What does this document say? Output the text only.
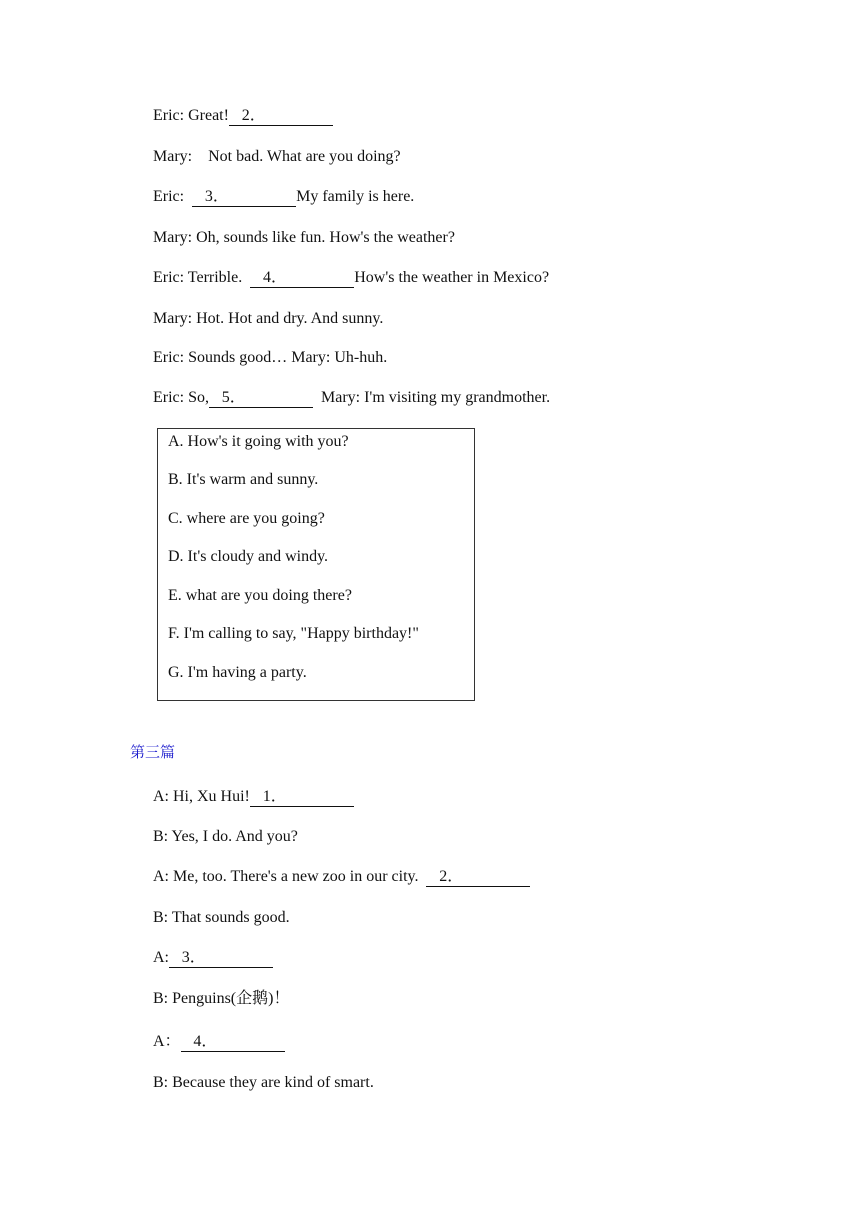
Eric: Great! 2．
Mary:    Not bad. What are you doing?
Eric:  3．	My family is here.
Mary: Oh, sounds like fun. How's the weather?
Eric: Terrible.  4．	How's the weather in Mexico?
Mary: Hot. Hot and dry. And sunny.
Eric: Sounds good… Mary: Uh-huh.
Eric: So, 5．	Mary: I'm visiting my grandmother.
A. How's it going with you?
B. It's warm and sunny.
C. where are you going?
D. It's cloudy and windy.
E. what are you doing there?
F. I'm calling to say, "Happy birthday!"
G. I'm having a party.
第三篇
A: Hi, Xu Hui! 1．
B: Yes, I do. And you?
A: Me, too. There's a new zoo in our city.  2．
B: That sounds good.
A: 3．
B: Penguins(企鹅)！
A： 4．
B: Because they are kind of smart.
